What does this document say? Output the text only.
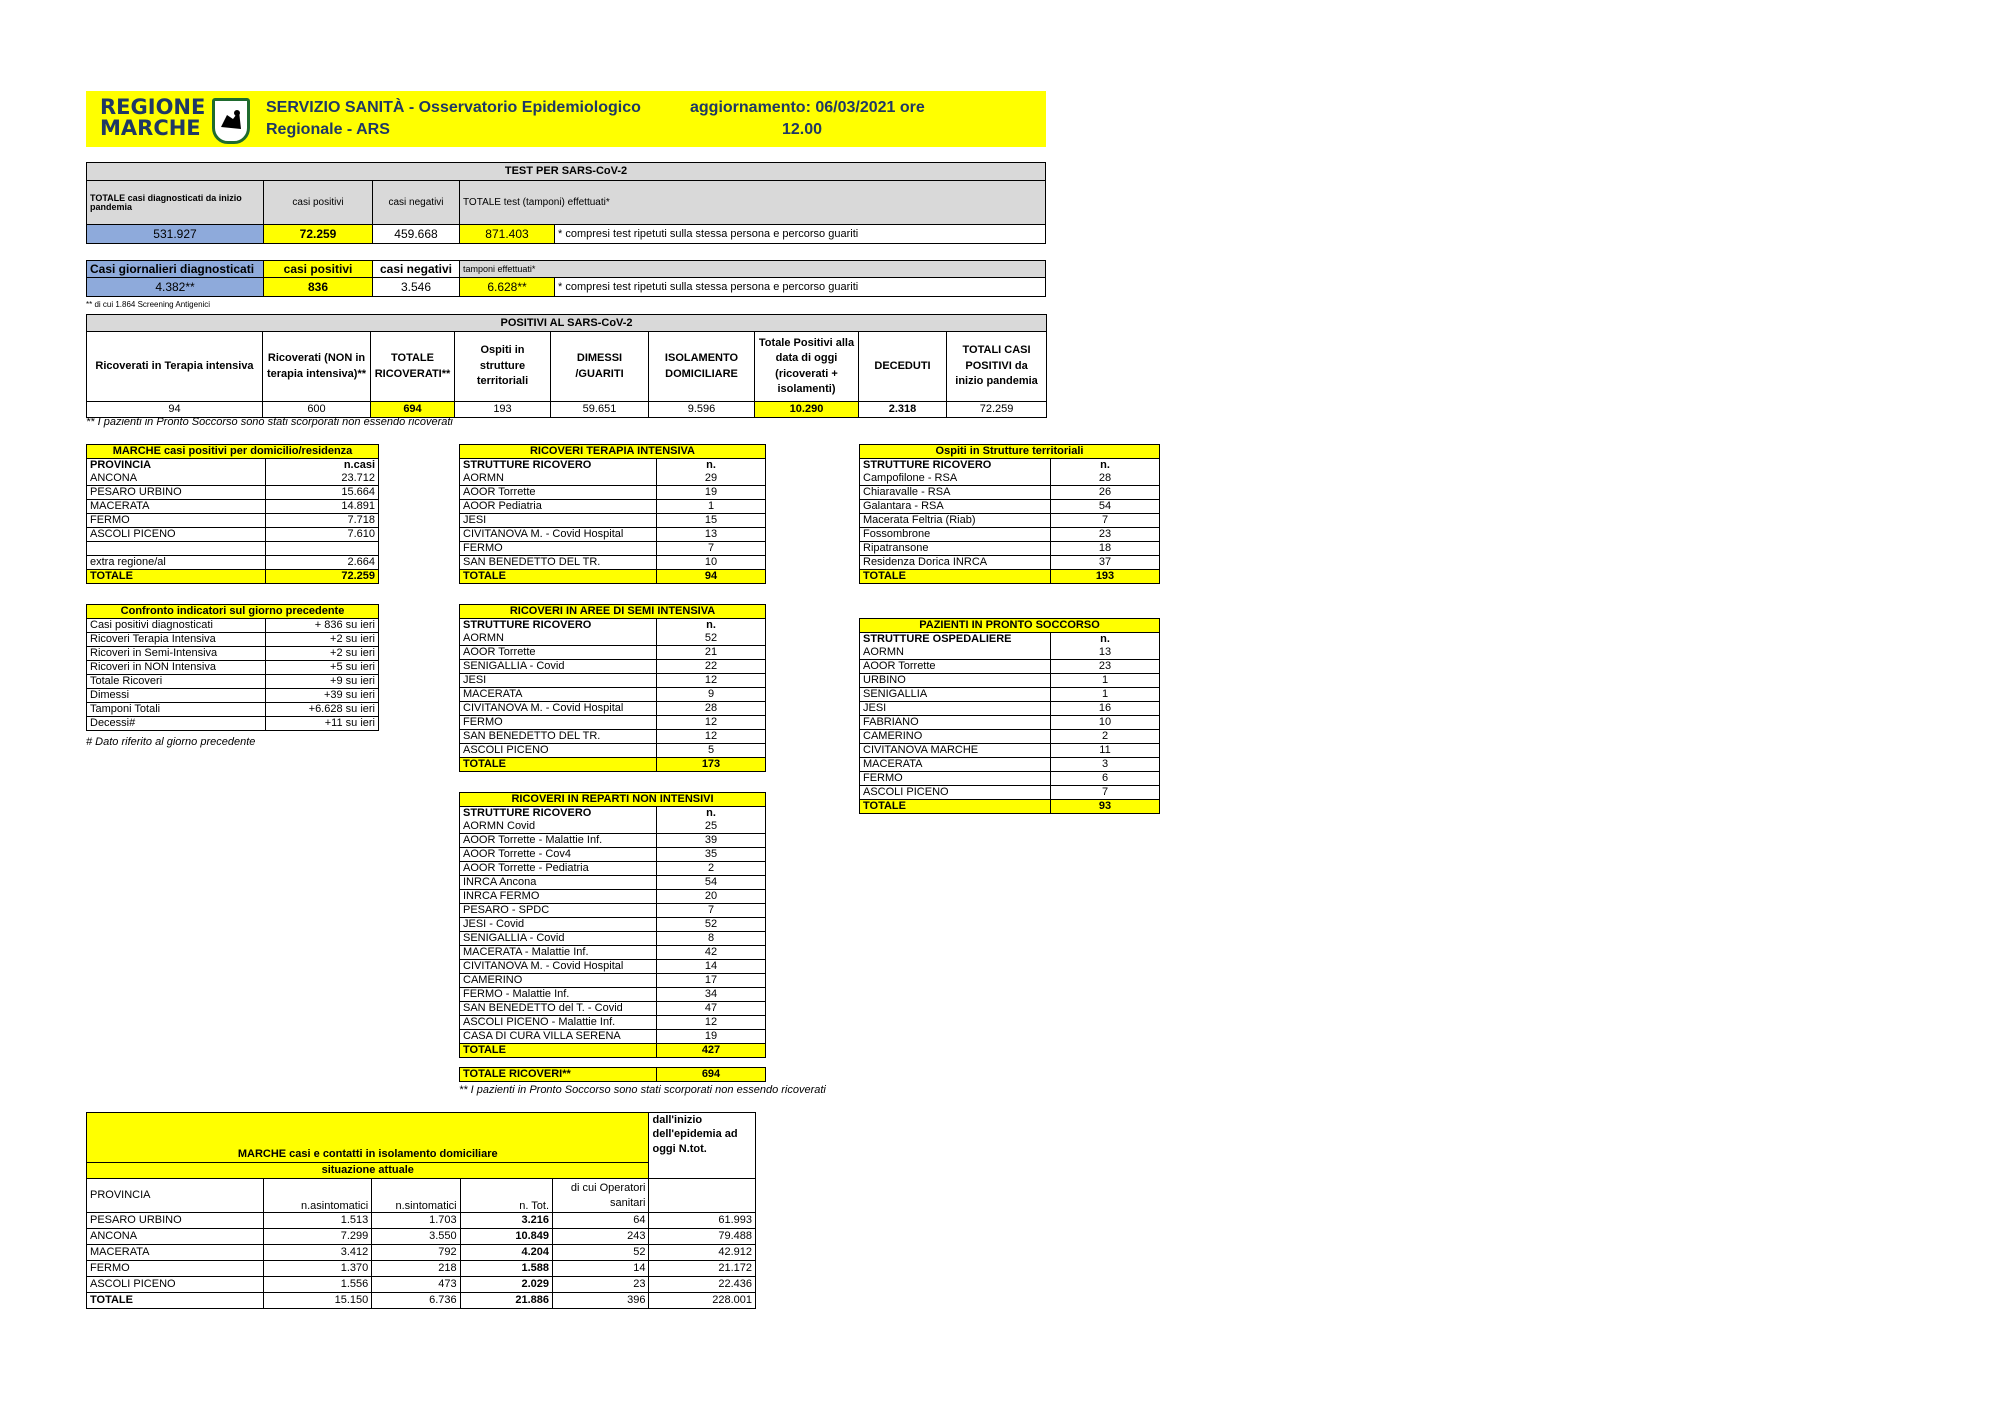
REGIONE
MARCHE
SERVIZIO SANITÀ - Osservatorio Epidemiologico
Regionale - ARS
aggiornamento: 06/03/2021 ore
12.00
TEST PER SARS-CoV-2				
TOTALE casi diagnosticati da inizio pandemia	casi positivi	casi negativi	TOTALE test (tamponi) effettuati*	
531.927	72.259	459.668	871.403	* compresi test ripetuti sulla stessa persona e percorso guariti
Casi giornalieri diagnosticati	casi positivi	casi negativi	tamponi effettuati*	
4.382**	836	3.546	6.628**	* compresi test ripetuti sulla stessa persona e percorso guariti
** di cui 1.864 Screening Antigenici
POSITIVI AL SARS-CoV-2								
Ricoverati in Terapia intensiva	Ricoverati (NON in terapia intensiva)**	TOTALE RICOVERATI**	Ospiti in strutture territoriali	DIMESSI /GUARITI	ISOLAMENTO DOMICILIARE	Totale Positivi alla data di oggi (ricoverati + isolamenti)	DECEDUTI	TOTALI CASI POSITIVI da inizio pandemia
94	600	694	193	59.651	9.596	10.290	2.318	72.259
** I pazienti in Pronto Soccorso sono stati scorporati non essendo ricoverati
MARCHE casi positivi per domicilio/residenza	
PROVINCIA	n.casi
ANCONA	23.712
PESARO URBINO	15.664
MACERATA	14.891
FERMO	7.718
ASCOLI PICENO	7.610

extra regione/al	2.664
TOTALE	72.259
Confronto indicatori sul giorno precedente	
Casi positivi diagnosticati	+ 836 su ieri
Ricoveri Terapia Intensiva	+2 su ieri
Ricoveri in Semi-Intensiva	+2 su ieri
Ricoveri in NON Intensiva	+5 su ieri
Totale Ricoveri	+9 su ieri
Dimessi	+39 su ieri
Tamponi Totali	+6.628 su ieri
Decessi#	+11 su ieri
RICOVERI TERAPIA INTENSIVA	
STRUTTURE RICOVERO	n.
AORMN	29
AOOR Torrette	19
AOOR Pediatria	1
JESI	15
CIVITANOVA M. - Covid Hospital	13
FERMO	7
SAN BENEDETTO DEL TR.	10
TOTALE	94
RICOVERI IN AREE DI SEMI INTENSIVA	
STRUTTURE RICOVERO	n.
AORMN	52
AOOR Torrette	21
SENIGALLIA - Covid	22
JESI	12
MACERATA	9
CIVITANOVA M. - Covid Hospital	28
FERMO	12
SAN BENEDETTO DEL TR.	12
ASCOLI PICENO	5
TOTALE	173
RICOVERI IN REPARTI NON INTENSIVI	
STRUTTURE RICOVERO	n.
AORMN Covid	25
AOOR Torrette - Malattie Inf.	39
AOOR Torrette - Cov4	35
AOOR Torrette - Pediatria	2
INRCA Ancona	54
INRCA FERMO	20
PESARO - SPDC	7
JESI - Covid	52
SENIGALLIA - Covid	8
MACERATA - Malattie Inf.	42
CIVITANOVA M. - Covid Hospital	14
CAMERINO	17
FERMO - Malattie Inf.	34
SAN BENEDETTO del T. - Covid	47
ASCOLI PICENO - Malattie Inf.	12
CASA DI CURA VILLA SERENA	19
TOTALE	427
Ospiti in Strutture territoriali	
STRUTTURE RICOVERO	n.
Campofilone - RSA	28
Chiaravalle - RSA	26
Galantara - RSA	54
Macerata Feltria (Riab)	7
Fossombrone	23
Ripatransone	18
Residenza Dorica INRCA	37
TOTALE	193
PAZIENTI IN PRONTO SOCCORSO	
STRUTTURE OSPEDALIERE	n.
AORMN	13
AOOR Torrette	23
URBINO	1
SENIGALLIA	1
JESI	16
FABRIANO	10
CAMERINO	2
CIVITANOVA MARCHE	11
MACERATA	3
FERMO	6
ASCOLI PICENO	7
TOTALE	93
TOTALE RICOVERI**	694
** I pazienti in Pronto Soccorso sono stati scorporati non essendo ricoverati
# Dato riferito al giorno precedente
MARCHE casi e contatti in isolamento domiciliare					dall'inizio dell'epidemia ad oggi N.tot.
situazione attuale					
PROVINCIA	n.asintomatici	n.sintomatici	n. Tot.	di cui Operatori sanitari	
PESARO URBINO	1.513	1.703	3.216	64	61.993
ANCONA	7.299	3.550	10.849	243	79.488
MACERATA	3.412	792	4.204	52	42.912
FERMO	1.370	218	1.588	14	21.172
ASCOLI PICENO	1.556	473	2.029	23	22.436
TOTALE	15.150	6.736	21.886	396	228.001
